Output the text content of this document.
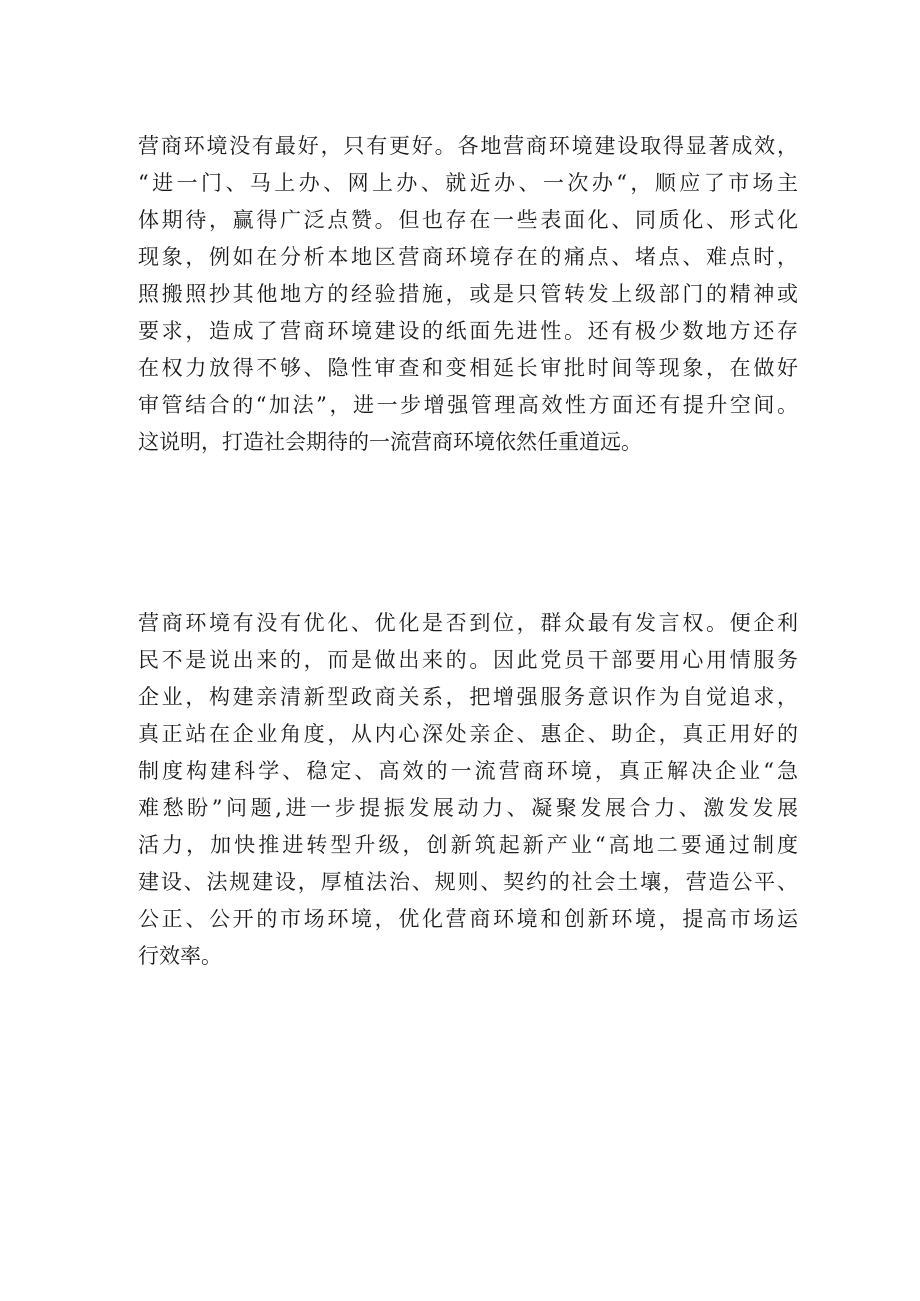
营商环境没有最好，只有更好。各地营商环境建设取得显著成效，
“进一门、马上办、网上办、就近办、一次办“，顺应了市场主
体期待，赢得广泛点赞。但也存在一些表面化、同质化、形式化
现象，例如在分析本地区营商环境存在的痛点、堵点、难点时，
照搬照抄其他地方的经验措施，或是只管转发上级部门的精神或
要求，造成了营商环境建设的纸面先进性。还有极少数地方还存
在权力放得不够、隐性审查和变相延长审批时间等现象，在做好
审管结合的“加法”，进一步增强管理高效性方面还有提升空间。
这说明，打造社会期待的一流营商环境依然任重道远。
营商环境有没有优化、优化是否到位，群众最有发言权。便企利
民不是说出来的，而是做出来的。因此党员干部要用心用情服务
企业，构建亲清新型政商关系，把增强服务意识作为自觉追求，
真正站在企业角度，从内心深处亲企、惠企、助企，真正用好的
制度构建科学、稳定、高效的一流营商环境，真正解决企业“急
难愁盼”问题,进一步提振发展动力、凝聚发展合力、激发发展
活力，加快推进转型升级，创新筑起新产业“高地二要通过制度
建设、法规建设，厚植法治、规则、契约的社会土壤，营造公平、
公正、公开的市场环境，优化营商环境和创新环境，提高市场运
行效率。
